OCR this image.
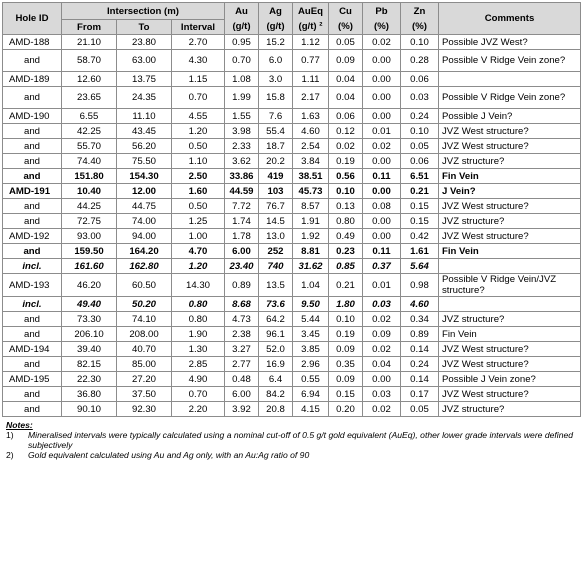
Hole ID	Intersection (m)			Au	Ag	AuEq	Cu	Pb	Zn	Comments
	From	To	Interval	(g/t)	(g/t)	(g/t) ²	(%)	(%)	(%)	
AMD-188	21.10	23.80	2.70	0.95	15.2	1.12	0.05	0.02	0.10	Possible JVZ West?
and	58.70	63.00	4.30	0.70	6.0	0.77	0.09	0.00	0.28	Possible V Ridge Vein zone?
AMD-189	12.60	13.75	1.15	1.08	3.0	1.11	0.04	0.00	0.06	
and	23.65	24.35	0.70	1.99	15.8	2.17	0.04	0.00	0.03	Possible V Ridge Vein zone?
AMD-190	6.55	11.10	4.55	1.55	7.6	1.63	0.06	0.00	0.24	Possible J Vein?
and	42.25	43.45	1.20	3.98	55.4	4.60	0.12	0.01	0.10	JVZ West structure?
and	55.70	56.20	0.50	2.33	18.7	2.54	0.02	0.02	0.05	JVZ West structure?
and	74.40	75.50	1.10	3.62	20.2	3.84	0.19	0.00	0.06	JVZ structure?
and	151.80	154.30	2.50	33.86	419	38.51	0.56	0.11	6.51	Fin Vein
AMD-191	10.40	12.00	1.60	44.59	103	45.73	0.10	0.00	0.21	J Vein?
and	44.25	44.75	0.50	7.72	76.7	8.57	0.13	0.08	0.15	JVZ West structure?
and	72.75	74.00	1.25	1.74	14.5	1.91	0.80	0.00	0.15	JVZ structure?
AMD-192	93.00	94.00	1.00	1.78	13.0	1.92	0.49	0.00	0.42	JVZ West structure?
and	159.50	164.20	4.70	6.00	252	8.81	0.23	0.11	1.61	Fin Vein
incl.	161.60	162.80	1.20	23.40	740	31.62	0.85	0.37	5.64	
AMD-193	46.20	60.50	14.30	0.89	13.5	1.04	0.21	0.01	0.98	Possible V Ridge Vein/JVZ structure?
incl.	49.40	50.20	0.80	8.68	73.6	9.50	1.80	0.03	4.60	
and	73.30	74.10	0.80	4.73	64.2	5.44	0.10	0.02	0.34	JVZ structure?
and	206.10	208.00	1.90	2.38	96.1	3.45	0.19	0.09	0.89	Fin Vein
AMD-194	39.40	40.70	1.30	3.27	52.0	3.85	0.09	0.02	0.14	JVZ West structure?
and	82.15	85.00	2.85	2.77	16.9	2.96	0.35	0.04	0.24	JVZ West structure?
AMD-195	22.30	27.20	4.90	0.48	6.4	0.55	0.09	0.00	0.14	Possible J Vein zone?
and	36.80	37.50	0.70	6.00	84.2	6.94	0.15	0.03	0.17	JVZ West structure?
and	90.10	92.30	2.20	3.92	20.8	4.15	0.20	0.02	0.05	JVZ structure?
Notes:
1)	Mineralised intervals were typically calculated using a nominal cut-off of 0.5 g/t gold equivalent (AuEq), other lower grade intervals were defined subjectively
2)	Gold equivalent calculated using Au and Ag only, with an Au:Ag ratio of 90
